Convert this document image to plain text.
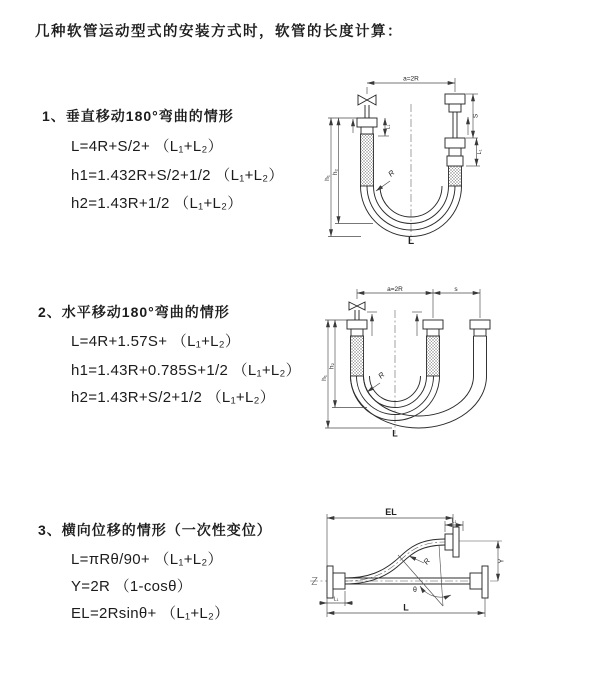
几种软管运动型式的安装方式时，软管的长度计算：
1、垂直移动180°弯曲的情形
L=4R+S/2+ （L₁+L₂）
h1=1.432R+S/2+1/2 （L₁+L₂）
h2=1.43R+1/2 （L₁+L₂）
2、水平移动180°弯曲的情形
L=4R+1.57S+ （L₁+L₂）
h1=1.43R+0.785S+1/2 （L₁+L₂）
h2=1.43R+S/2+1/2 （L₁+L₂）
3、横向位移的情形（一次性变位）
L=πRθ/90+ （L₁+L₂）
Y=2R （1-cosθ）
EL=2Rsinθ+ （L₁+L₂）
a=2R
h₁
h₂
L₁
S
L₁
R
L
a=2R	s
h₁
h₂
R
L
θ
R
EL
L₁
Y
L
L₁
